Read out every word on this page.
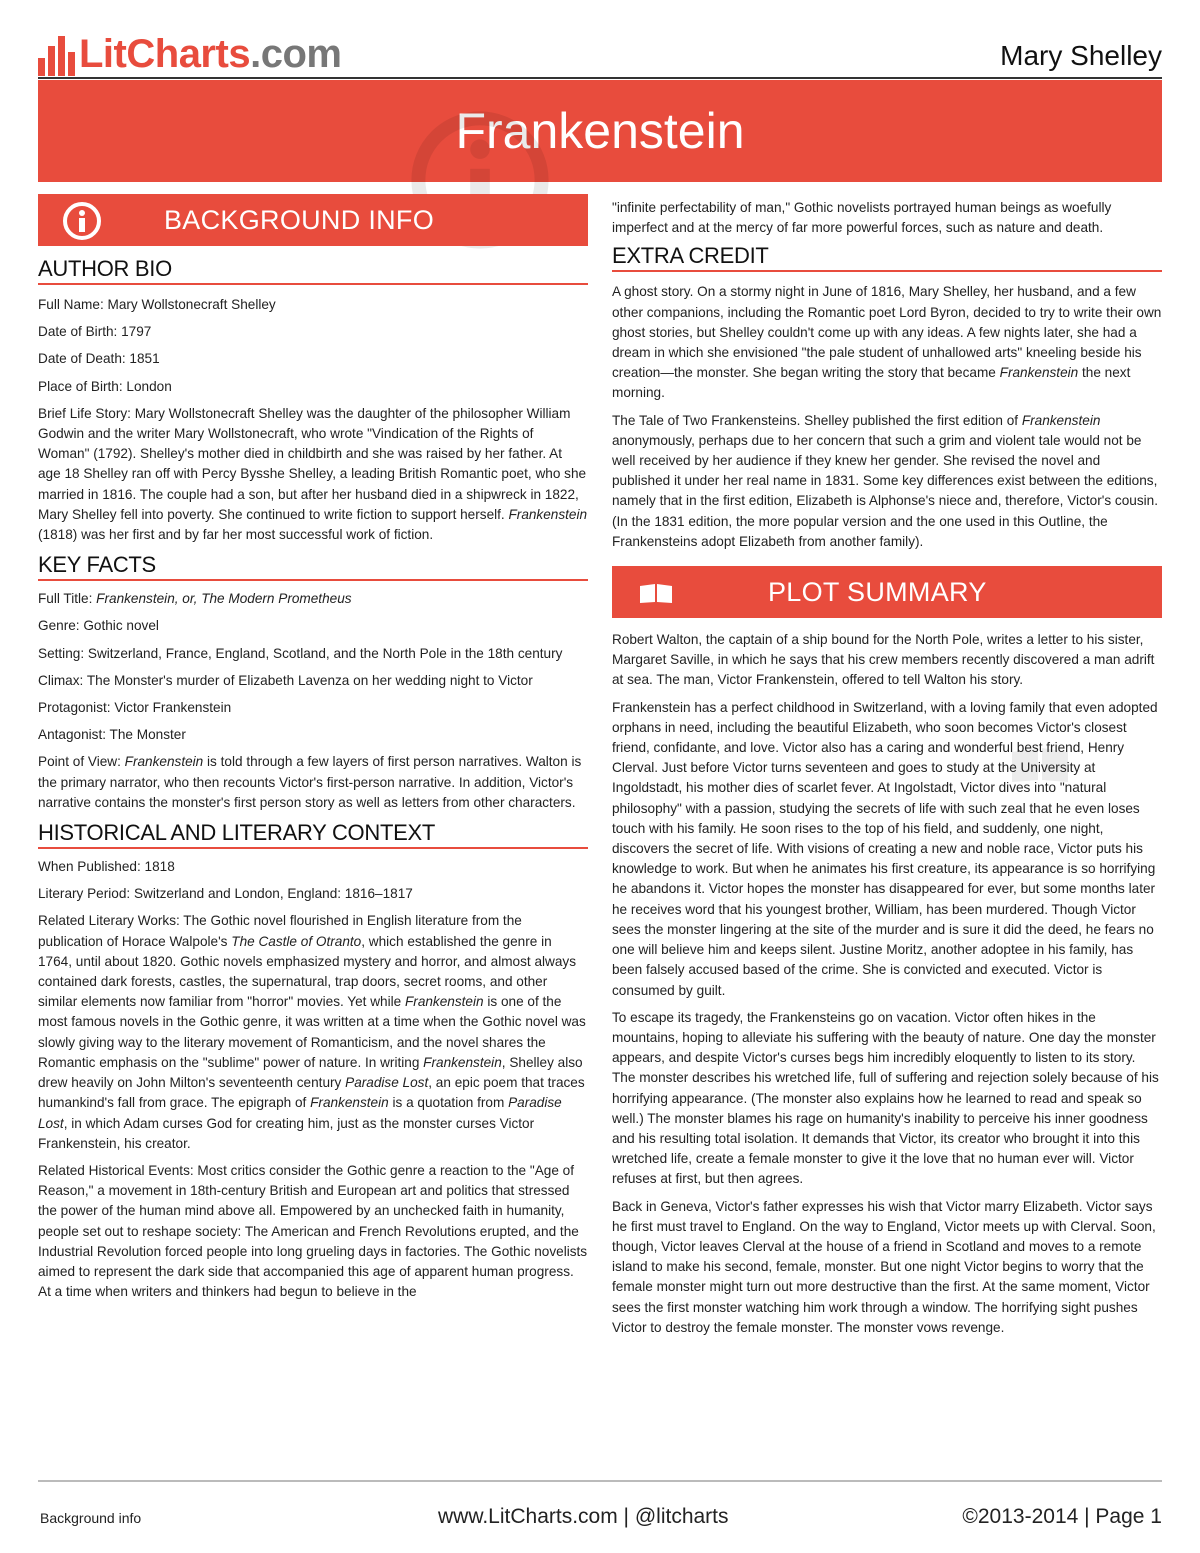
LitCharts.com	Mary Shelley
Frankenstein
BACKGROUND INFO
AUTHOR BIO

Full Name: Mary Wollstonecraft Shelley

Date of Birth: 1797

Date of Death: 1851

Place of Birth: London

Brief Life Story: Mary Wollstonecraft Shelley was the daughter of the philosopher William Godwin and the writer Mary Wollstonecraft, who wrote "Vindication of the Rights of Woman" (1792). Shelley's mother died in childbirth and she was raised by her father. At age 18 Shelley ran off with Percy Bysshe Shelley, a leading British Romantic poet, who she married in 1816. The couple had a son, but after her husband died in a shipwreck in 1822, Mary Shelley fell into poverty. She continued to write fiction to support herself. Frankenstein (1818) was her first and by far her most successful work of fiction.

KEY FACTS

Full Title: Frankenstein, or, The Modern Prometheus

Genre: Gothic novel

Setting: Switzerland, France, England, Scotland, and the North Pole in the 18th century

Climax: The Monster's murder of Elizabeth Lavenza on her wedding night to Victor

Protagonist: Victor Frankenstein

Antagonist: The Monster

Point of View: Frankenstein is told through a few layers of first person narratives. Walton is the primary narrator, who then recounts Victor's first-person narrative. In addition, Victor's narrative contains the monster's first person story as well as letters from other characters.

HISTORICAL AND LITERARY CONTEXT

When Published: 1818

Literary Period: Switzerland and London, England: 1816–1817

Related Literary Works: The Gothic novel flourished in English literature from the publication of Horace Walpole's The Castle of Otranto, which established the genre in 1764, until about 1820. Gothic novels emphasized mystery and horror, and almost always contained dark forests, castles, the supernatural, trap doors, secret rooms, and other similar elements now familiar from "horror" movies. Yet while Frankenstein is one of the most famous novels in the Gothic genre, it was written at a time when the Gothic novel was slowly giving way to the literary movement of Romanticism, and the novel shares the Romantic emphasis on the "sublime" power of nature. In writing Frankenstein, Shelley also drew heavily on John Milton's seventeenth century Paradise Lost, an epic poem that traces humankind's fall from grace. The epigraph of Frankenstein is a quotation from Paradise Lost, in which Adam curses God for creating him, just as the monster curses Victor Frankenstein, his creator.

Related Historical Events: Most critics consider the Gothic genre a reaction to the "Age of Reason," a movement in 18th-century British and European art and politics that stressed the power of the human mind above all. Empowered by an unchecked faith in humanity, people set out to reshape society: The American and French Revolutions erupted, and the Industrial Revolution forced people into long grueling days in factories. The Gothic novelists aimed to represent the dark side that accompanied this age of apparent human progress. At a time when writers and thinkers had begun to believe in the

"infinite perfectability of man," Gothic novelists portrayed human beings as woefully imperfect and at the mercy of far more powerful forces, such as nature and death.

EXTRA CREDIT

A ghost story. On a stormy night in June of 1816, Mary Shelley, her husband, and a few other companions, including the Romantic poet Lord Byron, decided to try to write their own ghost stories, but Shelley couldn't come up with any ideas. A few nights later, she had a dream in which she envisioned "the pale student of unhallowed arts" kneeling beside his creation—the monster. She began writing the story that became Frankenstein the next morning.

The Tale of Two Frankensteins. Shelley published the first edition of Frankenstein anonymously, perhaps due to her concern that such a grim and violent tale would not be well received by her audience if they knew her gender. She revised the novel and published it under her real name in 1831. Some key differences exist between the editions, namely that in the first edition, Elizabeth is Alphonse's niece and, therefore, Victor's cousin. (In the 1831 edition, the more popular version and the one used in this Outline, the Frankensteins adopt Elizabeth from another family).

PLOT SUMMARY

Robert Walton, the captain of a ship bound for the North Pole, writes a letter to his sister, Margaret Saville, in which he says that his crew members recently discovered a man adrift at sea. The man, Victor Frankenstein, offered to tell Walton his story.

Frankenstein has a perfect childhood in Switzerland, with a loving family that even adopted orphans in need, including the beautiful Elizabeth, who soon becomes Victor's closest friend, confidante, and love. Victor also has a caring and wonderful best friend, Henry Clerval. Just before Victor turns seventeen and goes to study at the University at Ingoldstadt, his mother dies of scarlet fever. At Ingolstadt, Victor dives into "natural philosophy" with a passion, studying the secrets of life with such zeal that he even loses touch with his family. He soon rises to the top of his field, and suddenly, one night, discovers the secret of life. With visions of creating a new and noble race, Victor puts his knowledge to work. But when he animates his first creature, its appearance is so horrifying he abandons it. Victor hopes the monster has disappeared for ever, but some months later he receives word that his youngest brother, William, has been murdered. Though Victor sees the monster lingering at the site of the murder and is sure it did the deed, he fears no one will believe him and keeps silent. Justine Moritz, another adoptee in his family, has been falsely accused based of the crime. She is convicted and executed. Victor is consumed by guilt.

To escape its tragedy, the Frankensteins go on vacation. Victor often hikes in the mountains, hoping to alleviate his suffering with the beauty of nature. One day the monster appears, and despite Victor's curses begs him incredibly eloquently to listen to its story. The monster describes his wretched life, full of suffering and rejection solely because of his horrifying appearance. (The monster also explains how he learned to read and speak so well.) The monster blames his rage on humanity's inability to perceive his inner goodness and his resulting total isolation. It demands that Victor, its creator who brought it into this wretched life, create a female monster to give it the love that no human ever will. Victor refuses at first, but then agrees.

Back in Geneva, Victor's father expresses his wish that Victor marry Elizabeth. Victor says he first must travel to England. On the way to England, Victor meets up with Clerval. Soon, though, Victor leaves Clerval at the house of a friend in Scotland and moves to a remote island to make his second, female, monster. But one night Victor begins to worry that the female monster might turn out more destructive than the first. At the same moment, Victor sees the first monster watching him work through a window. The horrifying sight pushes Victor to destroy the female monster. The monster vows revenge.

Background info	www.LitCharts.com | @litcharts	©2013-2014 | Page 1
